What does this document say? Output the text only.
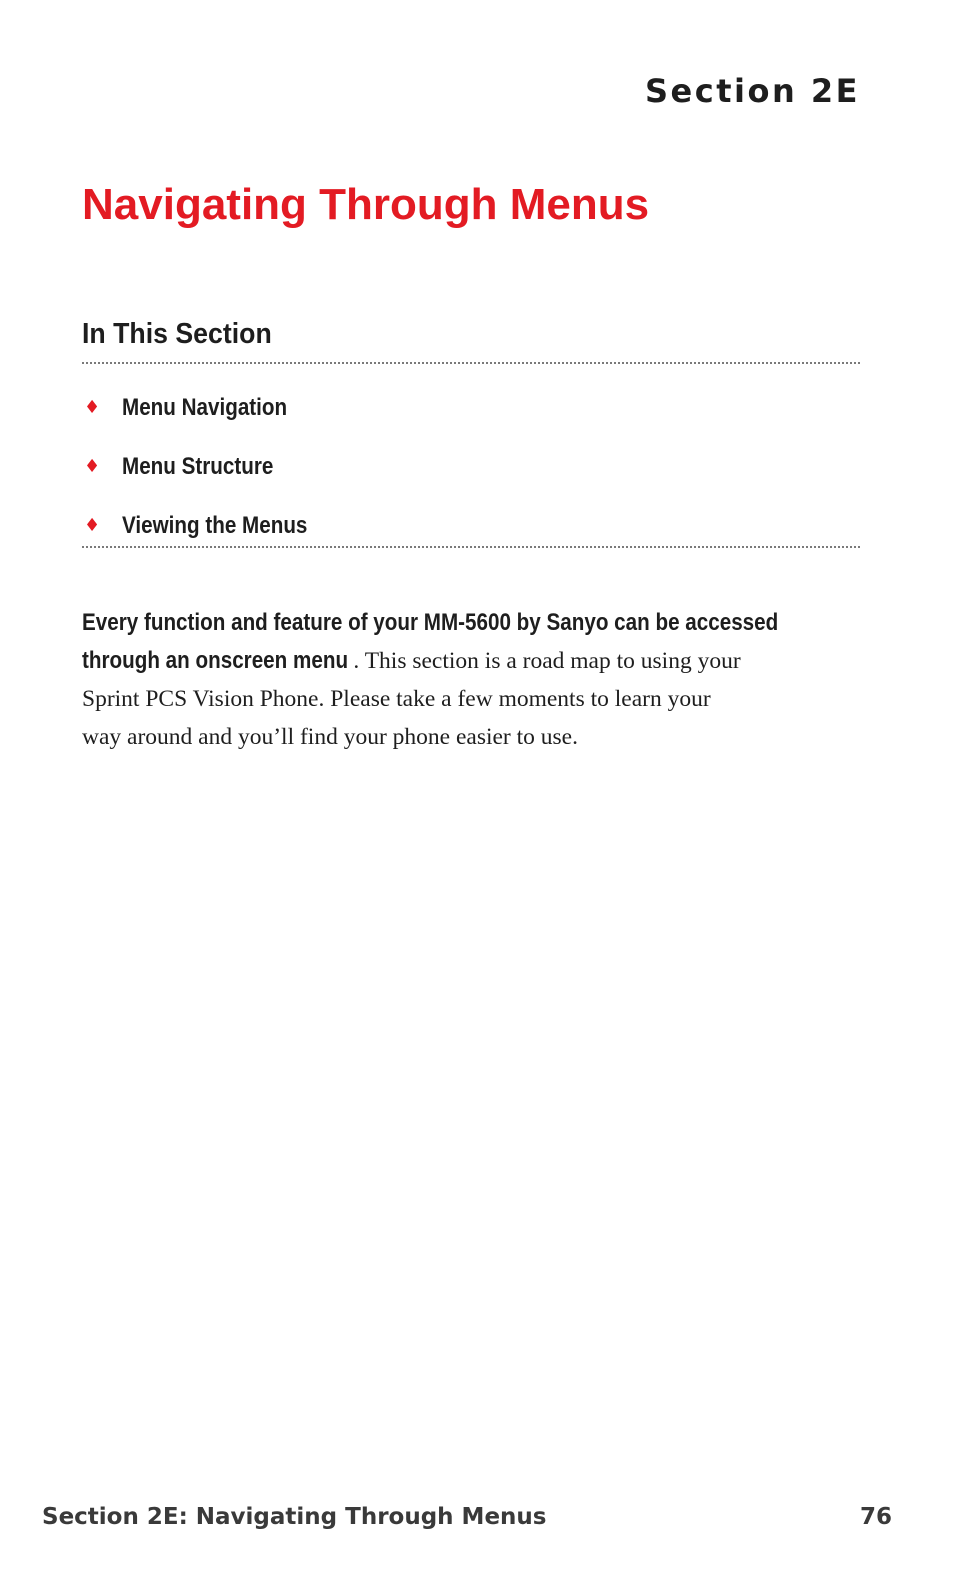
Section 2E
Navigating Through Menus
In This Section
♦ Menu Navigation
♦ Menu Structure
♦ Viewing the Menus
Every function and feature of your MM-5600 by Sanyo can be accessed
through an onscreen menu . This section is a road map to using your
Sprint PCS Vision Phone. Please take a few moments to learn your
way around and you’ll find your phone easier to use.
Section 2E: Navigating Through Menus	76
